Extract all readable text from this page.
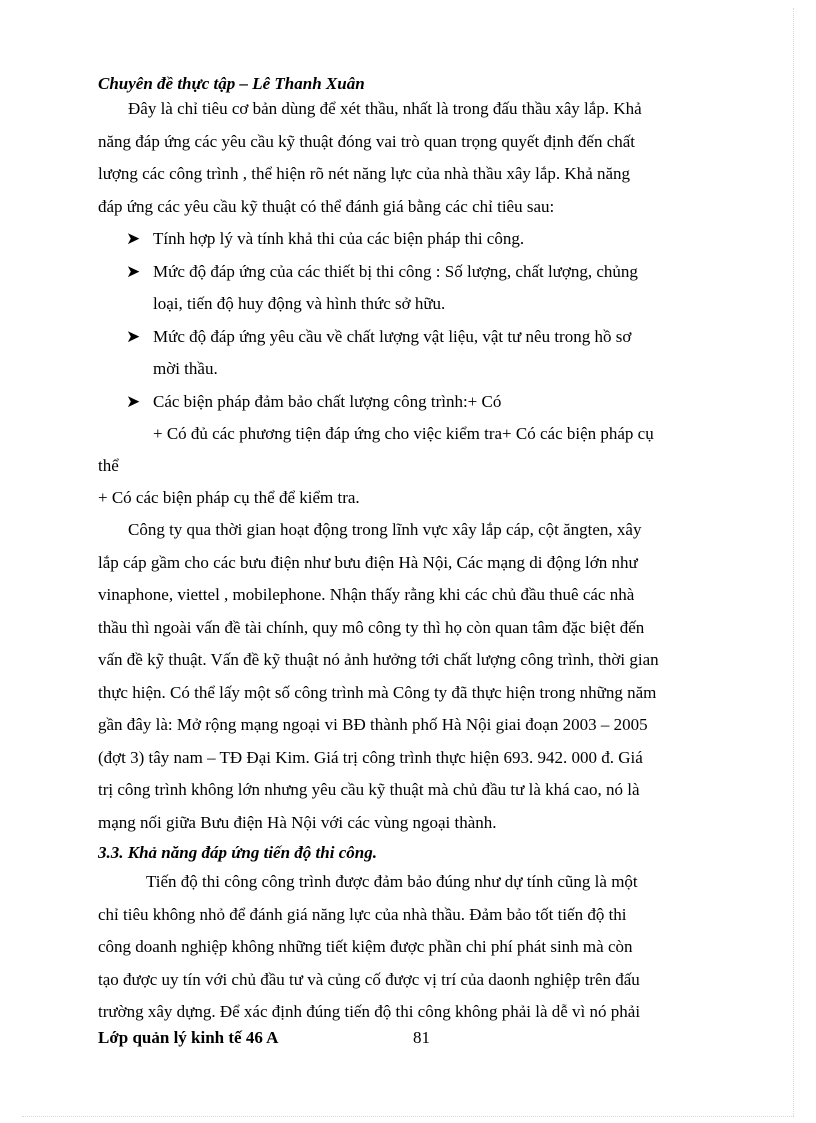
Chuyên đề thực tập – Lê Thanh Xuân
Đây là chỉ tiêu cơ bản dùng để xét thầu, nhất là trong đấu thầu xây lắp. Khả
năng đáp ứng các yêu cầu kỹ thuật đóng vai trò quan trọng quyết định đến chất
lượng các công trình , thể hiện rõ nét năng lực của nhà thầu xây lắp. Khả năng
đáp ứng các yêu cầu kỹ thuật có thể đánh giá bằng các chỉ tiêu sau:
➤ Tính hợp lý và tính khả thi của các biện pháp thi công.
➤ Mức độ đáp ứng của các thiết bị thi công : Số lượng, chất lượng, chủng
loại, tiến độ huy động và hình thức sở hữu.
➤ Mức độ đáp ứng yêu cầu về chất lượng vật liệu, vật tư nêu trong hồ sơ
mời thầu.
➤ Các biện pháp đảm bảo chất lượng công trình:+ Có
+ Có đủ các phương tiện đáp ứng cho việc kiểm tra+ Có các biện pháp cụ
thể
+ Có các biện pháp cụ thể để kiểm tra.
Công ty qua thời gian hoạt động trong lĩnh vực xây lắp cáp, cột ăngten, xây
lắp cáp gầm cho các bưu điện như bưu điện Hà Nội, Các mạng di động lớn như
vinaphone, viettel , mobilephone. Nhận thấy rằng khi các chủ đầu thuê các nhà
thầu thì ngoài vấn đề tài chính, quy mô công ty thì họ còn quan tâm đặc biệt đến
vấn đề kỹ thuật. Vấn đề kỹ thuật nó ảnh hưởng tới chất lượng công trình, thời gian
thực hiện. Có thể lấy một số công trình mà Công ty đã thực hiện trong những năm
gần đây là: Mở rộng mạng ngoại vi BĐ thành phố Hà Nội giai đoạn 2003 – 2005
(đợt 3) tây nam – TĐ Đại Kim. Giá trị công trình thực hiện 693. 942. 000 đ. Giá
trị công trình không lớn nhưng yêu cầu kỹ thuật mà chủ đầu tư là khá cao, nó là
mạng nối giữa Bưu điện Hà Nội với các vùng ngoại thành.
3.3. Khả năng đáp ứng tiến độ thi công.
Tiến độ thi công công trình được đảm bảo đúng như dự tính cũng là một
chỉ tiêu không nhỏ để đánh giá năng lực của nhà thầu. Đảm bảo tốt tiến độ thi
công doanh nghiệp không những tiết kiệm được phần chi phí phát sinh mà còn
tạo được uy tín với chủ đầu tư và củng cố được vị trí của daonh nghiệp trên đấu
trường xây dựng. Để xác định đúng tiến độ thi công không phải là dễ vì nó phải
Lớp quản lý kinh tế 46 A	81
